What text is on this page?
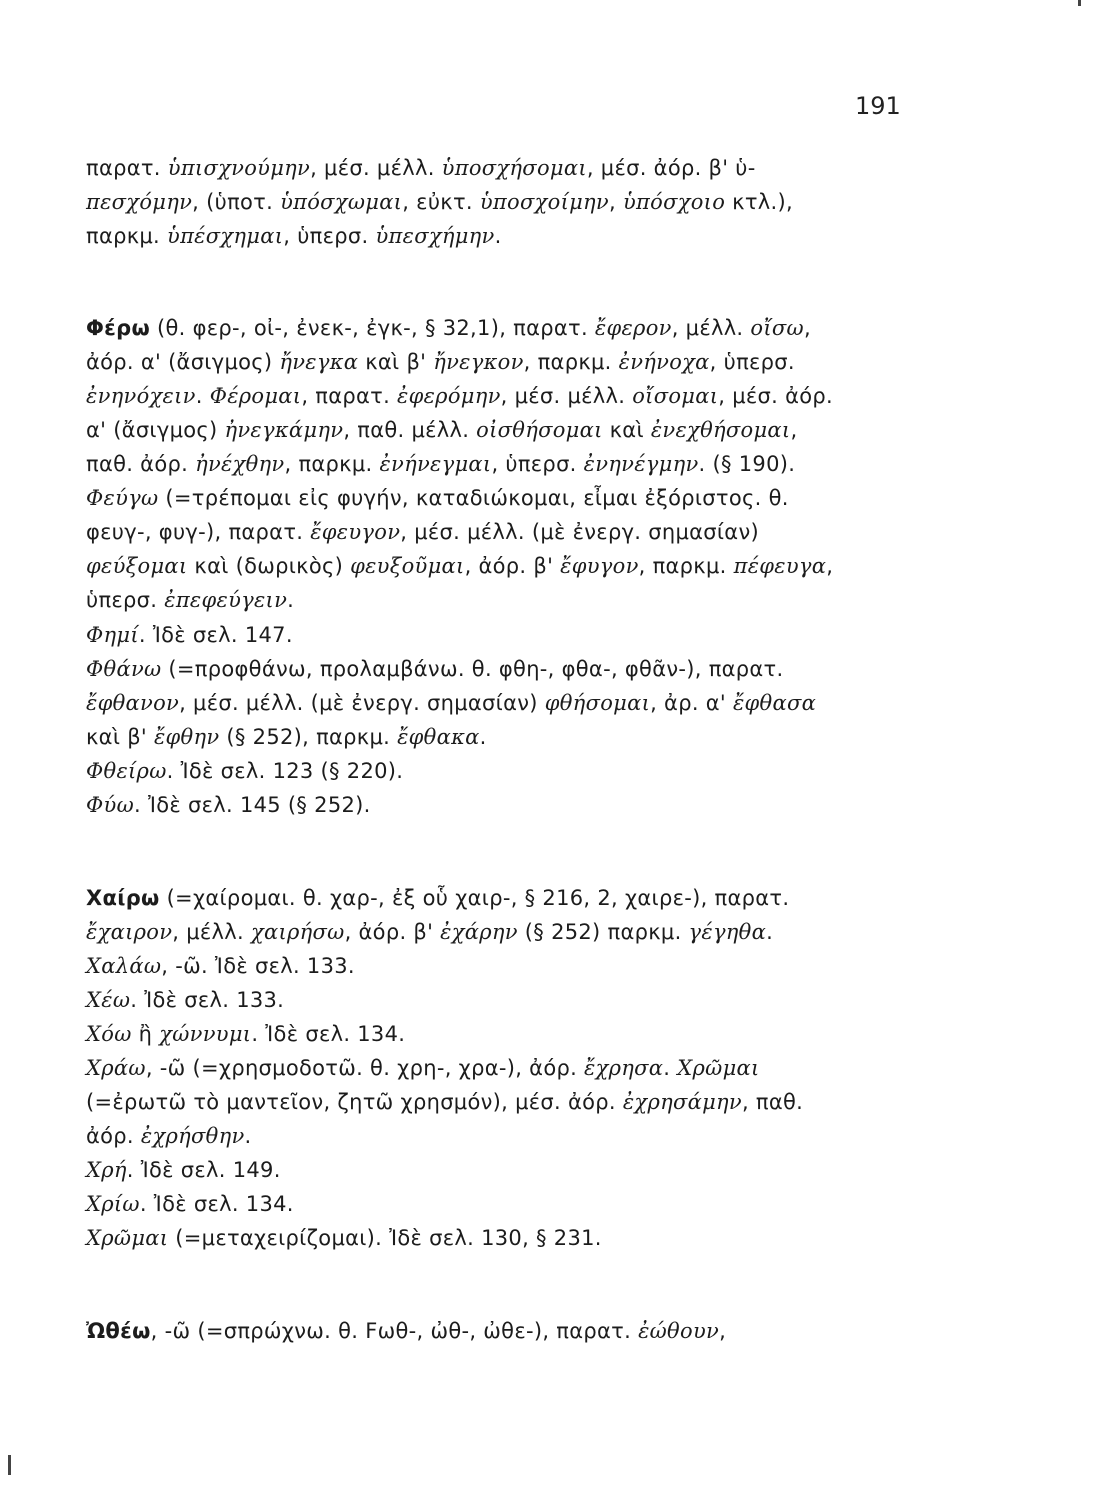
191
παρατ. ὑπισχνούμην, μέσ. μέλλ. ὑποσχήσομαι, μέσ. ἀόρ. β' ὑ-
πεσχόμην, (ὑποτ. ὑπόσχωμαι, εὐκτ. ὑποσχοίμην, ὑπόσχοιο κτλ.),
παρκμ. ὑπέσχημαι, ὑπερσ. ὑπεσχήμην.
Φέρω (θ. φερ-, οἰ-, ἐνεκ-, ἐγκ-, § 32,1), παρατ. ἔφερον, μέλλ. οἴσω,
ἀόρ. α' (ἄσιγμος) ἤνεγκα καὶ β' ἤνεγκον, παρκμ. ἐνήνοχα, ὑπερσ.
ἐνηνόχειν. Φέρομαι, παρατ. ἐφερόμην, μέσ. μέλλ. οἴσομαι, μέσ. ἀόρ.
α' (ἄσιγμος) ἠνεγκάμην, παθ. μέλλ. οἰσθήσομαι καὶ ἐνεχθήσομαι,
παθ. ἀόρ. ἠνέχθην, παρκμ. ἐνήνεγμαι, ὑπερσ. ἐνηνέγμην. (§ 190).
Φεύγω (=τρέπομαι εἰς φυγήν, καταδιώκομαι, εἶμαι ἐξόριστος. θ.
φευγ-, φυγ-), παρατ. ἔφευγον, μέσ. μέλλ. (μὲ ἐνεργ. σημασίαν)
φεύξομαι καὶ (δωρικὸς) φευξοῦμαι, ἀόρ. β' ἔφυγον, παρκμ. πέφευγα,
ὑπερσ. ἐπεφεύγειν.
Φημί. Ἰδὲ σελ. 147.
Φθάνω (=προφθάνω, προλαμβάνω. θ. φθη-, φθα-, φθᾶν-), παρατ.
ἔφθανον, μέσ. μέλλ. (μὲ ἐνεργ. σημασίαν) φθήσομαι, ἀρ. α' ἔφθασα
καὶ β' ἔφθην (§ 252), παρκμ. ἔφθακα.
Φθείρω. Ἰδὲ σελ. 123 (§ 220).
Φύω. Ἰδὲ σελ. 145 (§ 252).
Χαίρω (=χαίρομαι. θ. χαρ-, ἐξ οὗ χαιρ-, § 216, 2, χαιρε-), παρατ.
ἔχαιρον, μέλλ. χαιρήσω, ἀόρ. β' ἐχάρην (§ 252) παρκμ. γέγηθα.
Χαλάω, -ῶ. Ἰδὲ σελ. 133.
Χέω. Ἰδὲ σελ. 133.
Χόω ἢ χώννυμι. Ἰδὲ σελ. 134.
Χράω, -ῶ (=χρησμοδοτῶ. θ. χρη-, χρα-), ἀόρ. ἔχρησα. Χρῶμαι
(=ἐρωτῶ τὸ μαντεῖον, ζητῶ χρησμόν), μέσ. ἀόρ. ἐχρησάμην, παθ.
ἀόρ. ἐχρήσθην.
Χρή. Ἰδὲ σελ. 149.
Χρίω. Ἰδὲ σελ. 134.
Χρῶμαι (=μεταχειρίζομαι). Ἰδὲ σελ. 130, § 231.
Ὠθέω, -ῶ (=σπρώχνω. θ. Fωθ-, ὠθ-, ὠθε-), παρατ. ἐώθουν,
